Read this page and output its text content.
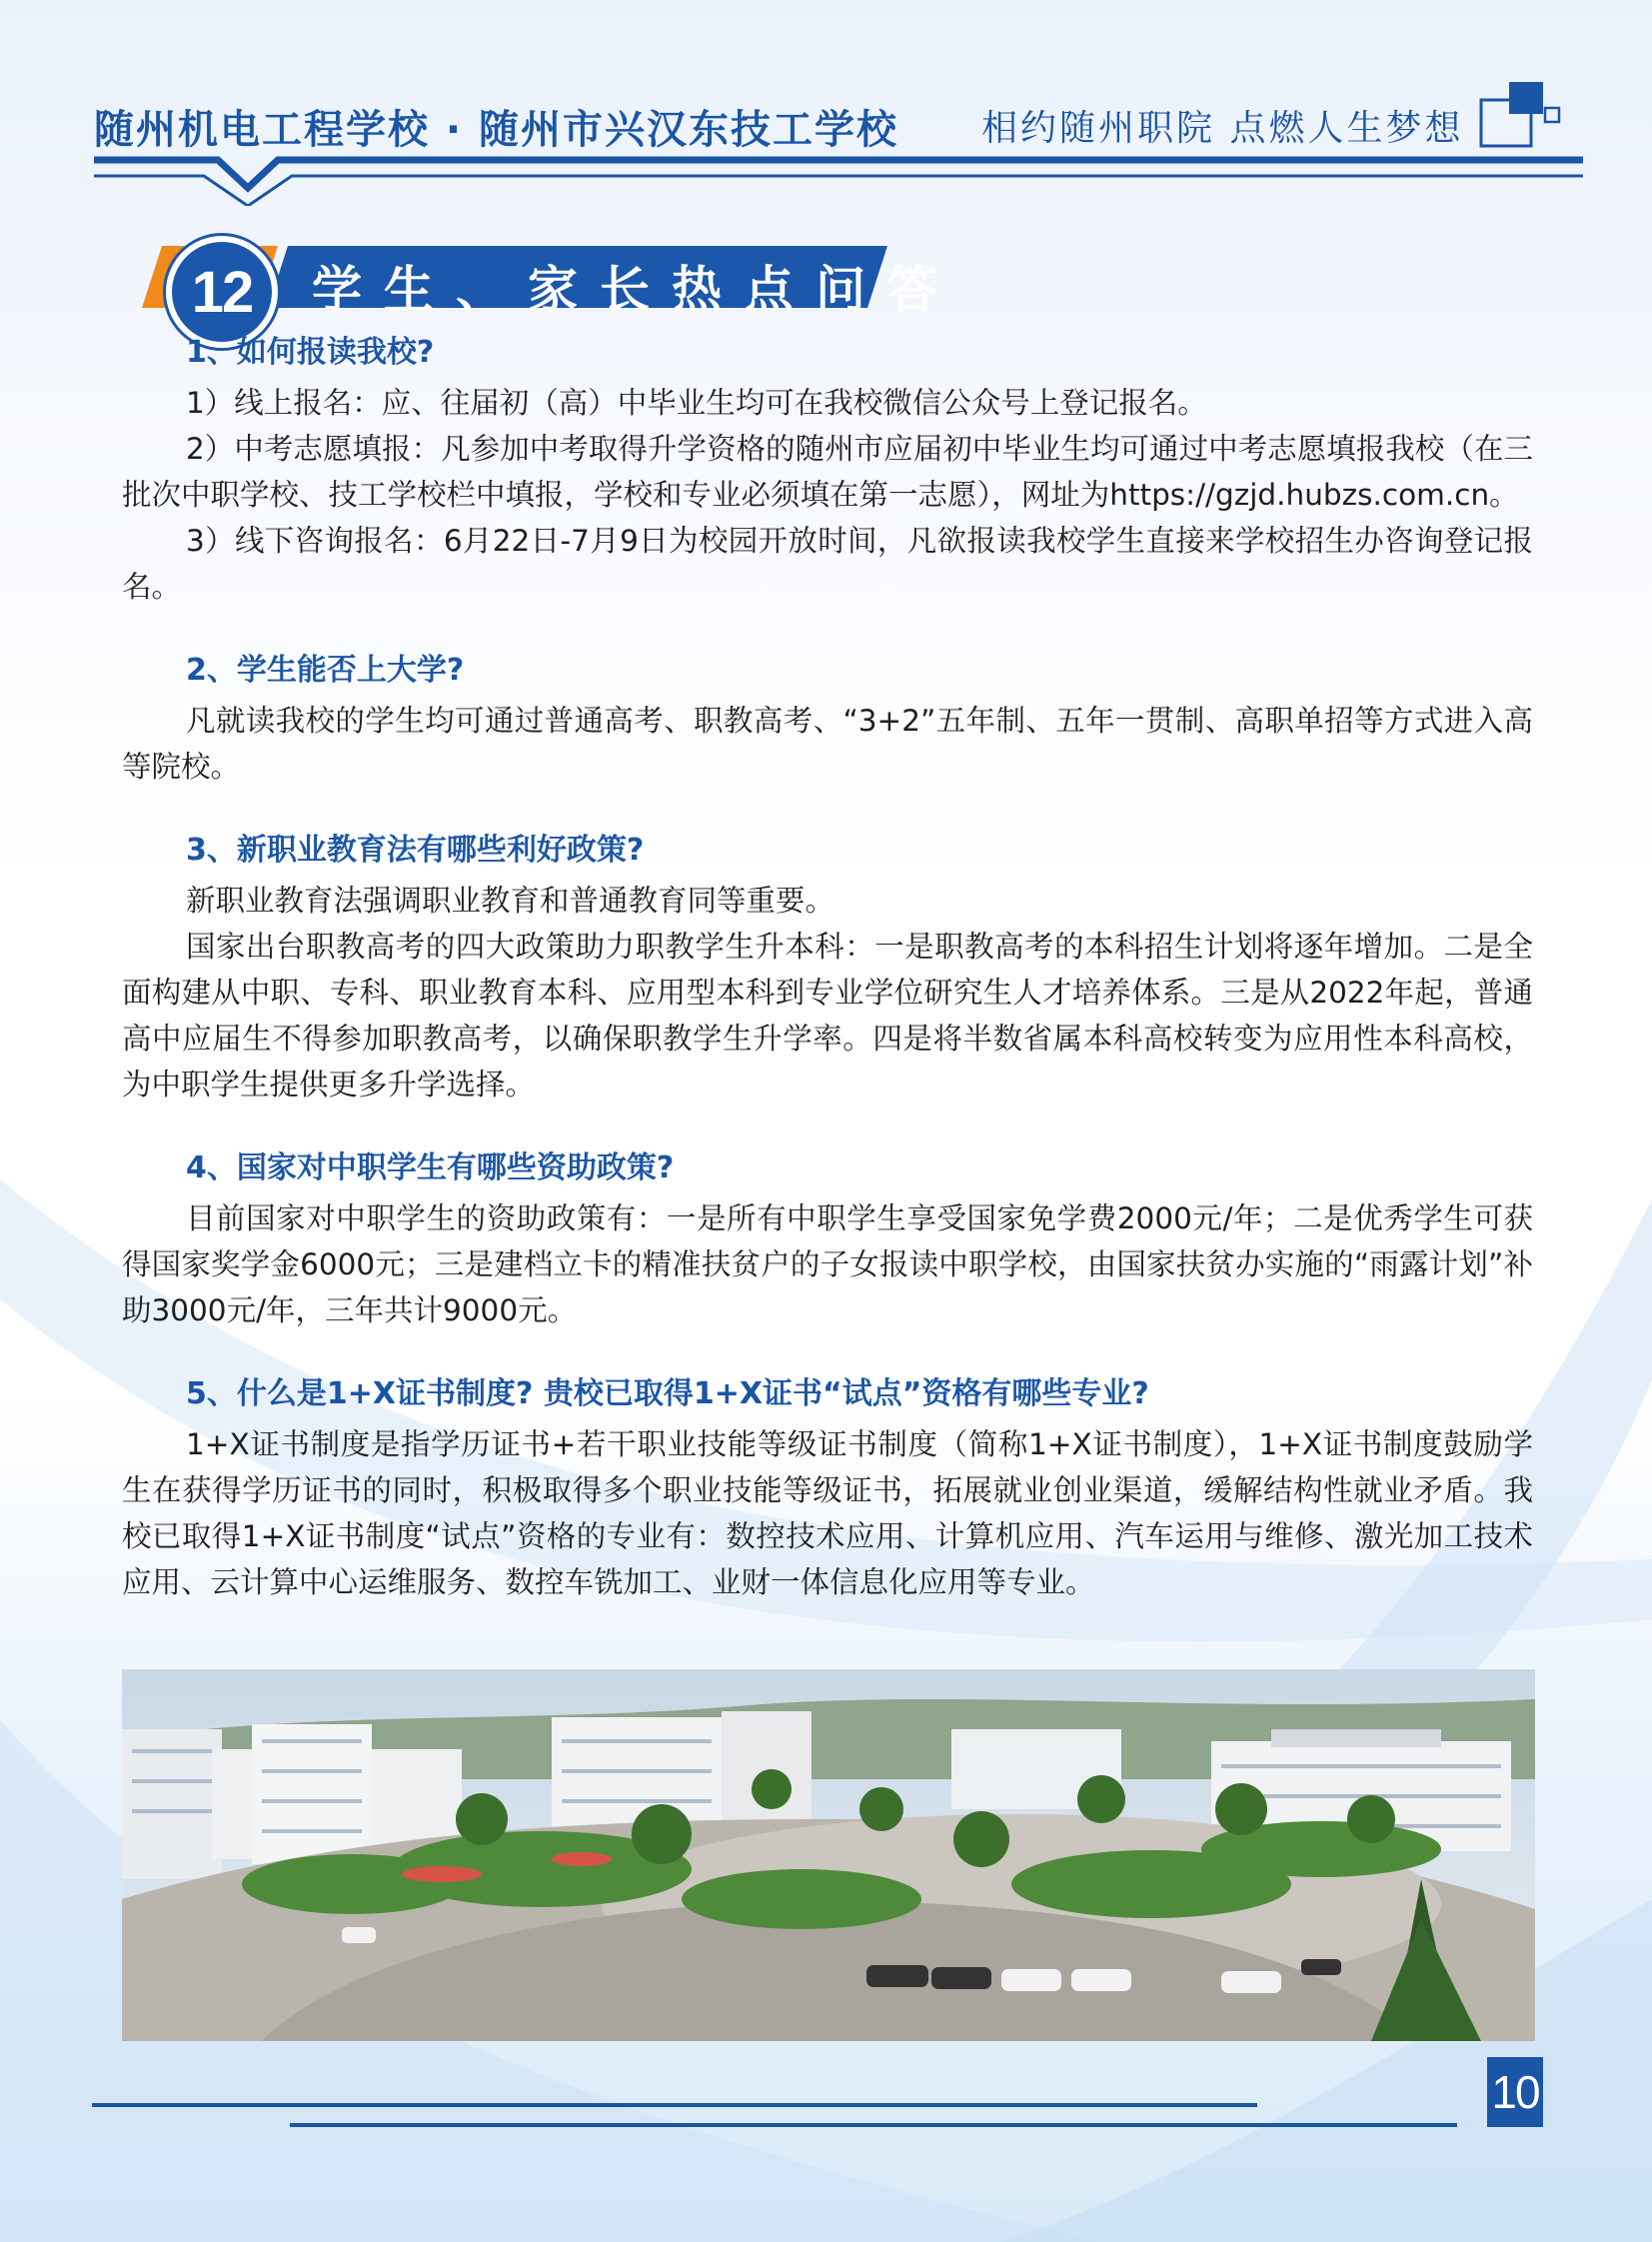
随州机电工程学校 · 随州市兴汉东技工学校 相约随州职院 点燃人生梦想
12 学生、家长热点问答

1、如何报读我校?

1）线上报名：应、往届初（高）中毕业生均可在我校微信公众号上登记报名。

2）中考志愿填报：凡参加中考取得升学资格的随州市应届初中毕业生均可通过中考志愿填报我校（在三批次中职学校、技工学校栏中填报，学校和专业必须填在第一志愿），网址为https://gzjd.hubzs.com.cn。

3）线下咨询报名：6月22日-7月9日为校园开放时间，凡欲报读我校学生直接来学校招生办咨询登记报名。

2、学生能否上大学?

凡就读我校的学生均可通过普通高考、职教高考、“3+2”五年制、五年一贯制、高职单招等方式进入高等院校。

3、新职业教育法有哪些利好政策?

新职业教育法强调职业教育和普通教育同等重要。

国家出台职教高考的四大政策助力职教学生升本科：一是职教高考的本科招生计划将逐年增加。二是全面构建从中职、专科、职业教育本科、应用型本科到专业学位研究生人才培养体系。三是从2022年起，普通高中应届生不得参加职教高考，以确保职教学生升学率。四是将半数省属本科高校转变为应用性本科高校，为中职学生提供更多升学选择。

4、国家对中职学生有哪些资助政策?

目前国家对中职学生的资助政策有：一是所有中职学生享受国家免学费2000元/年；二是优秀学生可获得国家奖学金6000元；三是建档立卡的精准扶贫户的子女报读中职学校，由国家扶贫办实施的“雨露计划”补助3000元/年，三年共计9000元。

5、什么是1+X证书制度? 贵校已取得1+X证书“试点”资格有哪些专业?

1+X证书制度是指学历证书+若干职业技能等级证书制度（简称1+X证书制度），1+X证书制度鼓励学生在获得学历证书的同时，积极取得多个职业技能等级证书，拓展就业创业渠道，缓解结构性就业矛盾。我校已取得1+X证书制度“试点”资格的专业有：数控技术应用、计算机应用、汽车运用与维修、激光加工技术应用、云计算中心运维服务、数控车铣加工、业财一体信息化应用等专业。

10
